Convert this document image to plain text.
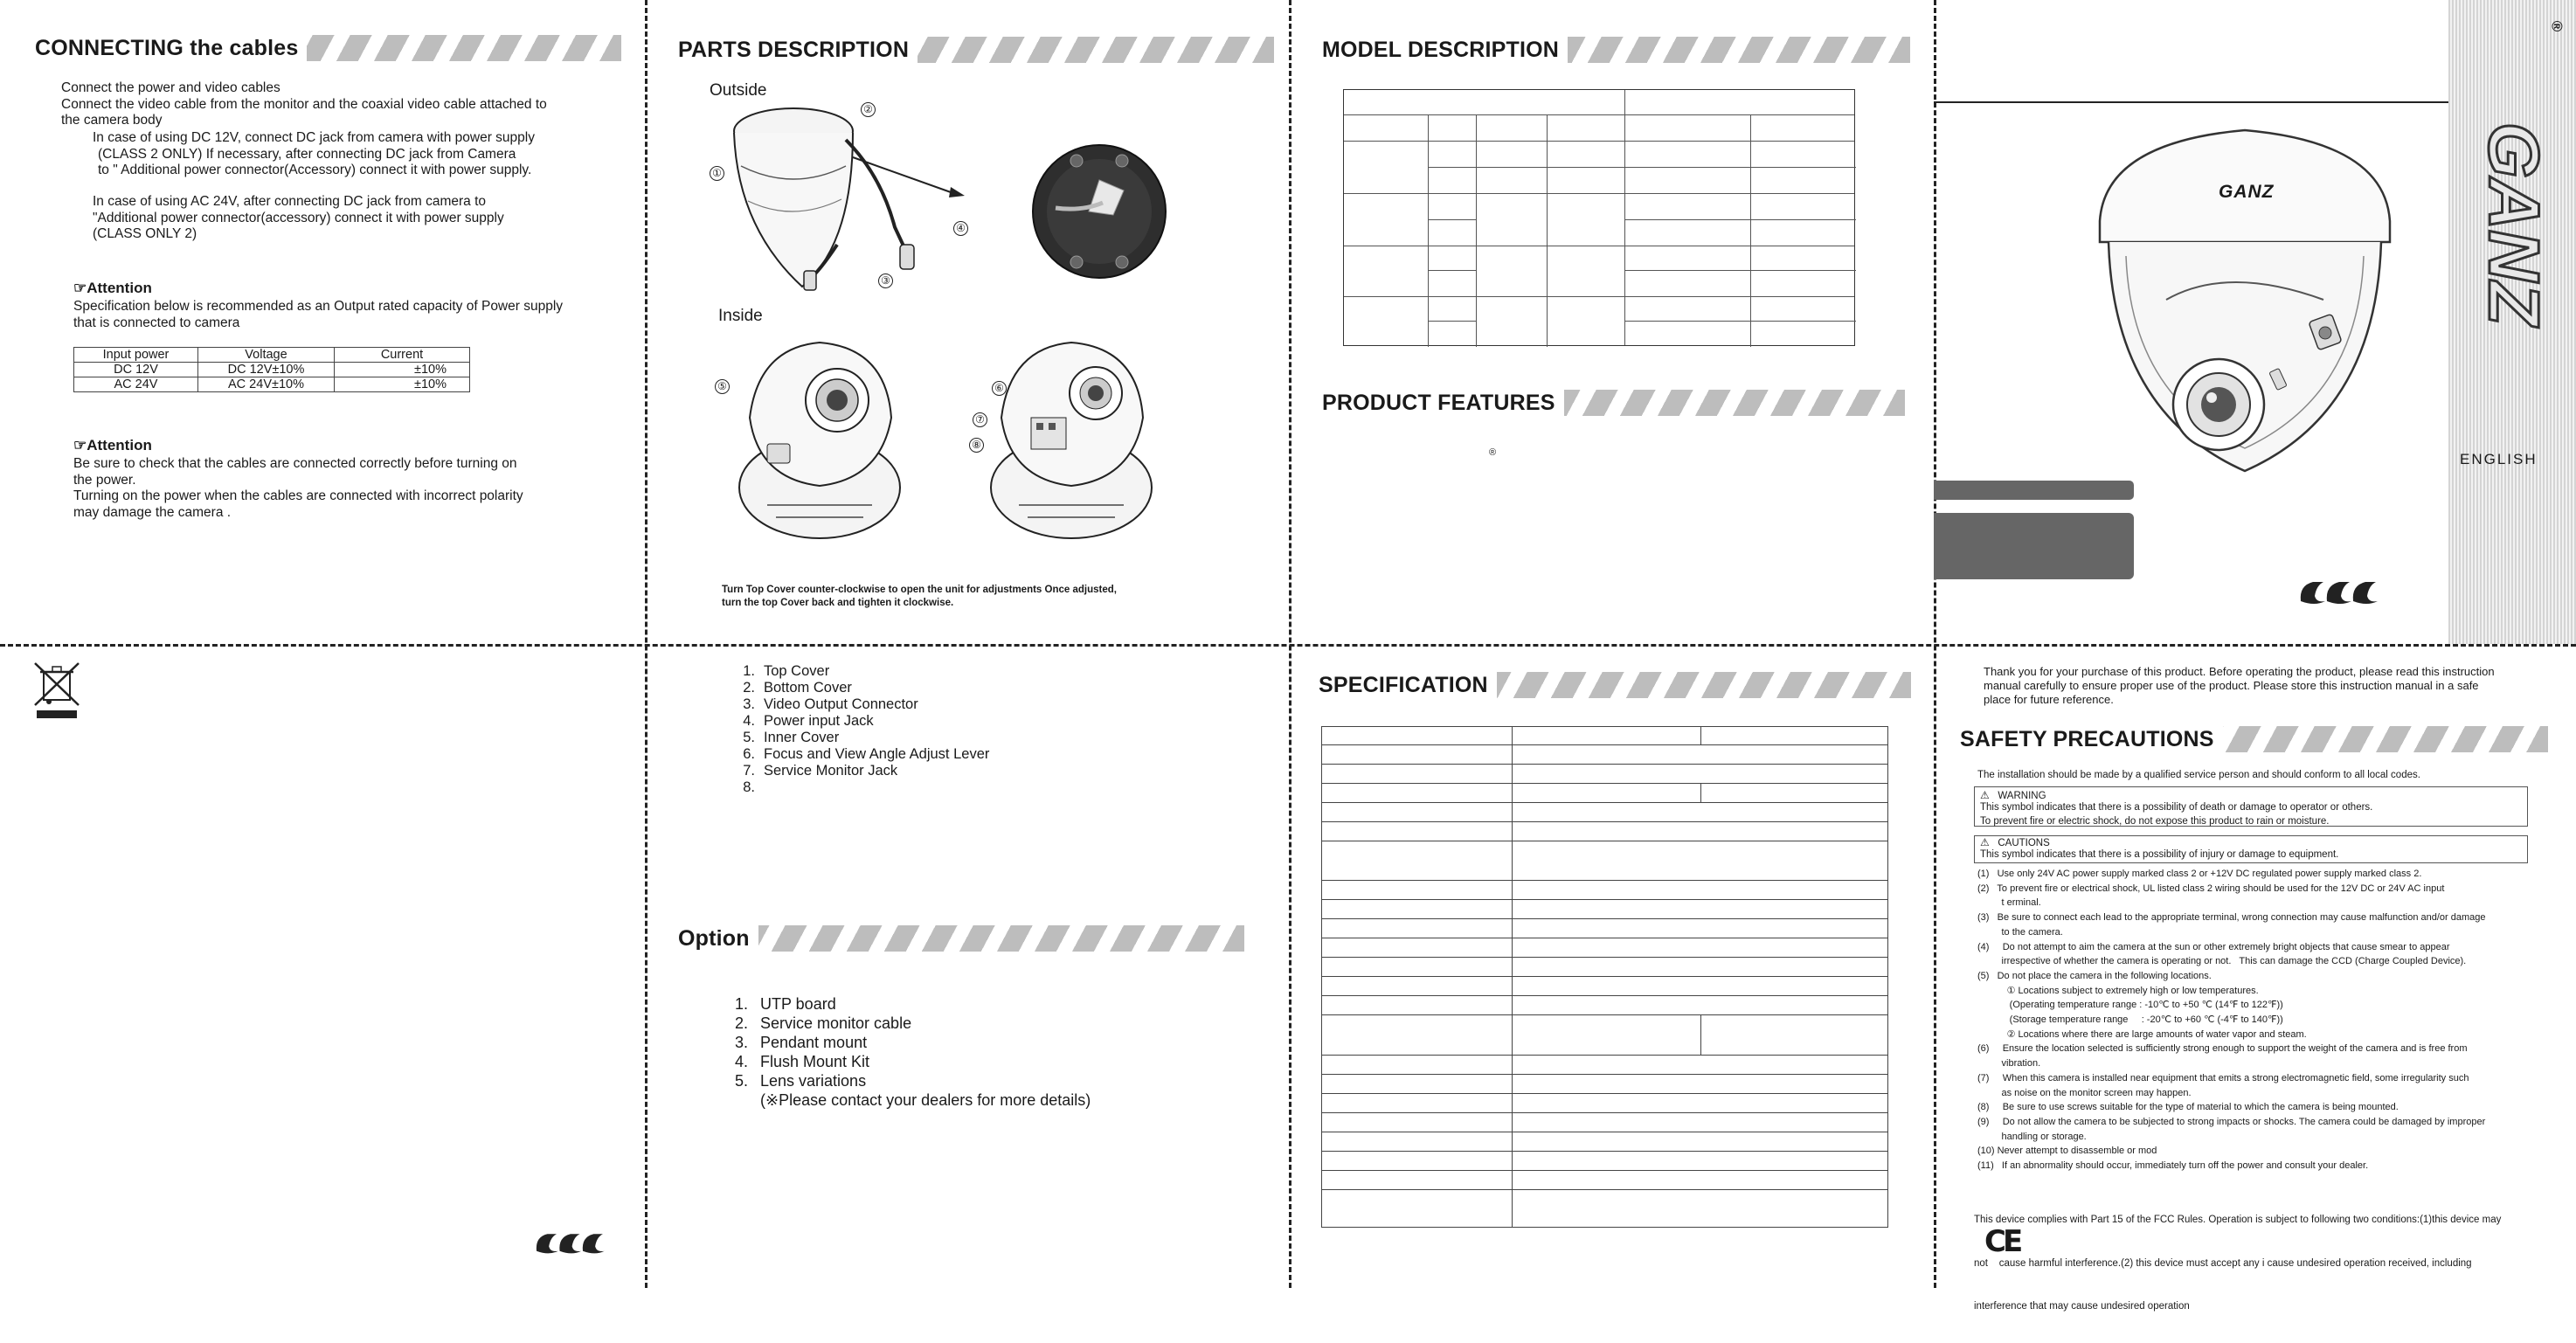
CONNECTING the cables
Connect the power and video cables
Connect the video cable from the monitor and the coaxial video cable attached to
the camera body
In case of using DC 12V, connect DC jack from camera with power supply
(CLASS 2 ONLY) If necessary, after connecting DC jack from Camera
to " Additional power connector(Accessory) connect it with power supply.
In case of using AC 24V, after connecting DC jack from camera to
"Additional power connector(accessory) connect it with power supply
(CLASS ONLY 2)
☞Attention
Specification below is recommended as an Output rated capacity of Power supply
that is connected to camera
Input power	Voltage	Current
DC 12V	DC 12V±10%	±10%
AC 24V	AC 24V±10%	±10%
☞Attention
Be sure to check that the cables are connected correctly before turning on
the power.
Turning on the power when the cables are connected with incorrect polarity
may damage the camera .
PARTS DESCRIPTION
Outside
Inside
①
②
③
④
⑤	⑥
⑦
⑧
Turn Top Cover counter-clockwise to open the unit for adjustments Once adjusted,
turn the top Cover back and tighten it clockwise.
MODEL DESCRIPTION
PRODUCT FEATURES
®
GANZ	GANZ
®
ENGLISH
1. Top Cover
2. Bottom Cover
3. Video Output Connector
4. Power input Jack
5. Inner Cover
6. Focus and View Angle Adjust Lever
7. Service Monitor Jack
8.
Option
1. UTP board
2. Service monitor cable
3. Pendant mount
4. Flush Mount Kit
5. Lens variations
(※Please contact your dealers for more details)
SPECIFICATION

Thank you for your purchase of this product. Before operating the product, please read this instruction
manual carefully to ensure proper use of the product. Please store this instruction manual in a safe
place for future reference.
SAFETY PRECAUTIONS
The installation should be made by a qualified service person and should conform to all local codes.
⚠ WARNING
This symbol indicates that there is a possibility of death or damage to operator or others.
To prevent fire or electric shock, do not expose this product to rain or moisture.
⚠ CAUTIONS
This symbol indicates that there is a possibility of injury or damage to equipment.
(1)   Use only 24V AC power supply marked class 2 or +12V DC regulated power supply marked class 2.
(2)   To prevent fire or electrical shock, UL listed class 2 wiring should be used for the 12V DC or 24V AC input
t erminal.
(3)   Be sure to connect each lead to the appropriate terminal, wrong connection may cause malfunction and/or damage
to the camera.
(4)     Do not attempt to aim the camera at the sun or other extremely bright objects that cause smear to appear
irrespective of whether the camera is operating or not.   This can damage the CCD (Charge Coupled Device).
(5)   Do not place the camera in the following locations.
① Locations subject to extremely high or low temperatures.
(Operating temperature range : -10℃ to +50 ℃ (14℉ to 122℉))
(Storage temperature range     : -20℃ to +60 ℃ (-4℉ to 140℉))
② Locations where there are large amounts of water vapor and steam.
(6)     Ensure the location selected is sufficiently strong enough to support the weight of the camera and is free from
vibration.
(7)     When this camera is installed near equipment that emits a strong electromagnetic field, some irregularity such
as noise on the monitor screen may happen.
(8)     Be sure to use screws suitable for the type of material to which the camera is being mounted.
(9)     Do not allow the camera to be subjected to strong impacts or shocks. The camera could be damaged by improper
handling or storage.
(10) Never attempt to disassemble or mod
(11)   If an abnormality should occur, immediately turn off the power and consult your dealer.

This device complies with Part 15 of the FCC Rules. Operation is subject to following two conditions:(1)this device may

not    cause harmful interference.(2) this device must accept any i cause undesired operation received, including

interference that may cause undesired operation

CE
